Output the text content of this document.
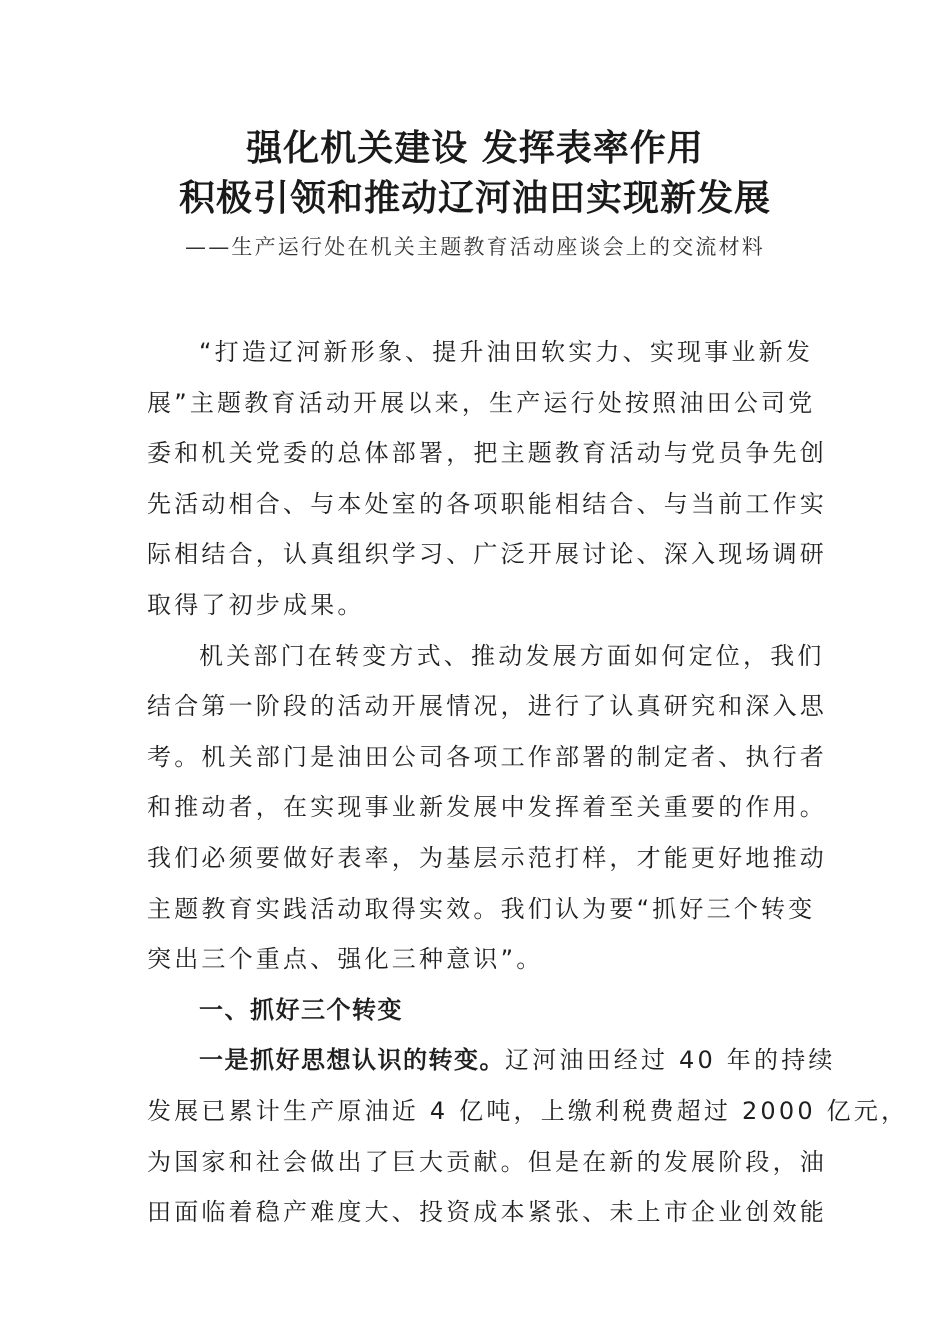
强化机关建设 发挥表率作用
积极引领和推动辽河油田实现新发展
——生产运行处在机关主题教育活动座谈会上的交流材料
“打造辽河新形象、提升油田软实力、实现事业新发
展”主题教育活动开展以来，生产运行处按照油田公司党
委和机关党委的总体部署，把主题教育活动与党员争先创
先活动相合、与本处室的各项职能相结合、与当前工作实
际相结合，认真组织学习、广泛开展讨论、深入现场调研
取得了初步成果。
机关部门在转变方式、推动发展方面如何定位，我们
结合第一阶段的活动开展情况，进行了认真研究和深入思
考。机关部门是油田公司各项工作部署的制定者、执行者
和推动者，在实现事业新发展中发挥着至关重要的作用。
我们必须要做好表率，为基层示范打样，才能更好地推动
主题教育实践活动取得实效。我们认为要“抓好三个转变
突出三个重点、强化三种意识”。
一、抓好三个转变
一是抓好思想认识的转变。辽河油田经过 40 年的持续
发展已累计生产原油近 4 亿吨，上缴利税费超过 2000 亿元，
为国家和社会做出了巨大贡献。但是在新的发展阶段，油
田面临着稳产难度大、投资成本紧张、未上市企业创效能
